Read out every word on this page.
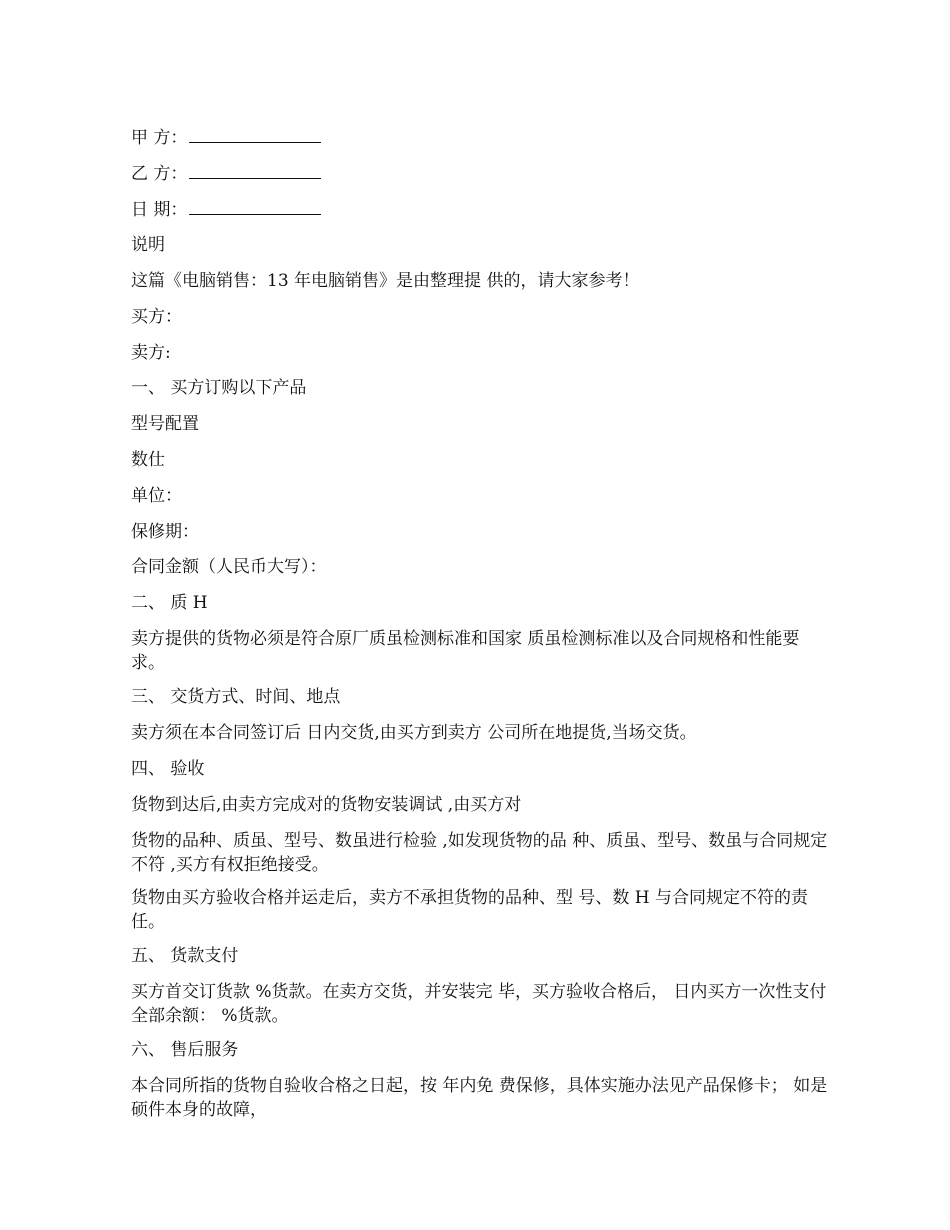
甲 方：
乙 方：
日 期：
说明
这篇《电脑销售：13 年电脑销售》是由整理提 供的，请大家参考！
买方：
卖方:
一、 买方订购以下产品
型号配置
数仕
单位：
保修期：
合同金额（人民币大写）：
二、 质 H
卖方提供的货物必须是符合原厂质虽检测标准和国家 质虽检测标准以及合同规格和性能要求。
三、 交货方式、时间、地点
卖方须在本合同签订后 日内交货,由买方到卖方 公司所在地提货,当场交货。
四、 验收
货物到达后,由卖方完成对的货物安装调试 ,由买方对
货物的品种、质虽、型号、数虽进行检验 ,如发现货物的品 种、质虽、型号、数虽与合同规定不符 ,买方有权拒绝接受。
货物由买方验收合格并运走后，卖方不承担货物的品种、型 号、数 H 与合同规定不符的责任。
五、 货款支付
买方首交订货款 %货款。在卖方交货，并安装完 毕，买方验收合格后， 日内买方一次性支付全部余额： %货款。
六、 售后服务
本合同所指的货物自验收合格之日起，按 年内免 费保修，具体实施办法见产品保修卡； 如是硕件本身的故障，
